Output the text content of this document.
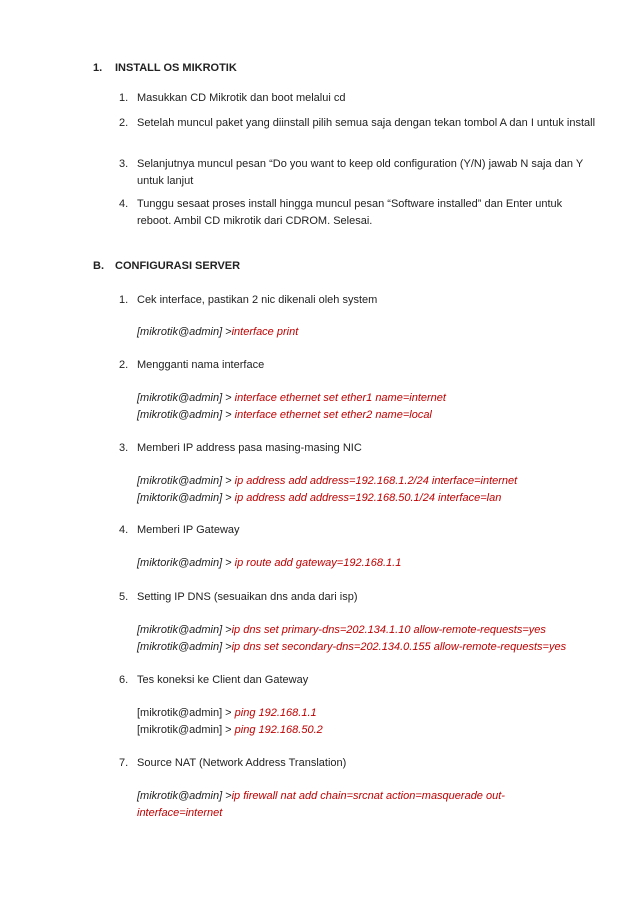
1. INSTALL OS MIKROTIK
1. Masukkan CD Mikrotik dan boot melalui cd
2. Setelah muncul paket yang diinstall pilih semua saja dengan tekan tombol A dan I untuk install
3. Selanjutnya muncul pesan “Do you want to keep old configuration (Y/N) jawab N saja dan Y untuk lanjut
4. Tunggu sesaat proses install hingga muncul pesan “Software installed” dan Enter untuk reboot. Ambil CD mikrotik dari CDROM. Selesai.
B. CONFIGURASI SERVER
1. Cek interface, pastikan 2 nic dikenali oleh system
[mikrotik@admin] >interface print
2. Mengganti nama interface
[mikrotik@admin] > interface ethernet set ether1 name=internet
[mikrotik@admin] > interface ethernet set ether2 name=local
3. Memberi IP address pasa masing-masing NIC
[mikrotik@admin] > ip address add address=192.168.1.2/24 interface=internet
[miktorik@admin] > ip address add address=192.168.50.1/24 interface=lan
4. Memberi IP Gateway
[miktorik@admin] > ip route add gateway=192.168.1.1
5. Setting IP DNS (sesuaikan dns anda dari isp)
[mikrotik@admin] >ip dns set primary-dns=202.134.1.10 allow-remote-requests=yes
[mikrotik@admin] >ip dns set secondary-dns=202.134.0.155 allow-remote-requests=yes
6. Tes koneksi ke Client dan Gateway
[mikrotik@admin] > ping 192.168.1.1
[mikrotik@admin] > ping 192.168.50.2
7. Source NAT (Network Address Translation)
[mikrotik@admin] >ip firewall nat add chain=srcnat action=masquerade out-
interface=internet
